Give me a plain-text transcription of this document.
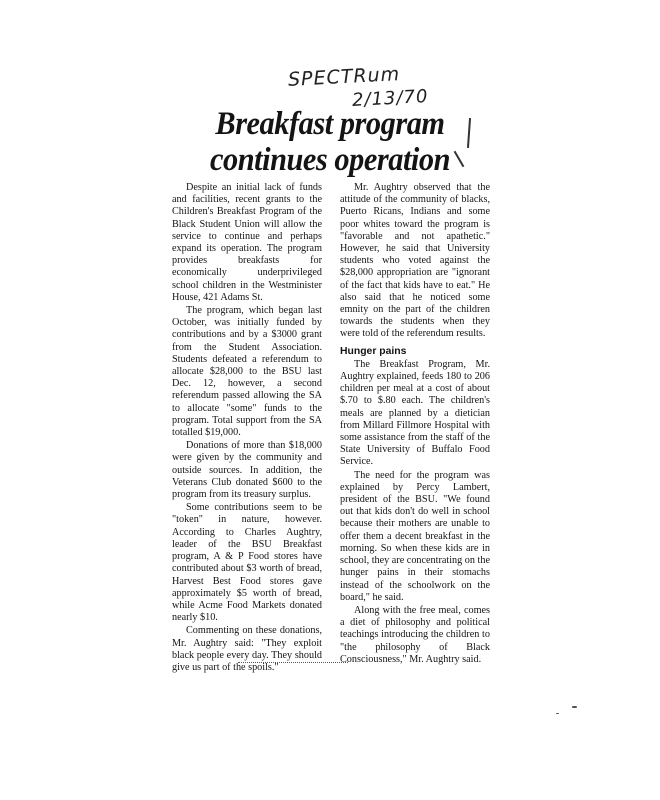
SPECTRum
2/13/70
Breakfast program
continues operation

Despite an initial lack of funds and facilities, recent grants to the Children's Breakfast Program of the Black Student Union will allow the service to continue and perhaps expand its operation. The program provides breakfasts for economically underprivileged school children in the Westminister House, 421 Adams St.

The program, which began last October, was initially funded by contributions and by a $3000 grant from the Student Association. Students defeated a referendum to allocate $28,000 to the BSU last Dec. 12, however, a second referendum passed allowing the SA to allocate "some" funds to the program. Total support from the SA totalled $19,000.

Donations of more than $18,000 were given by the community and outside sources. In addition, the Veterans Club donated $600 to the program from its treasury surplus.

Some contributions seem to be "token" in nature, however. According to Charles Aughtry, leader of the BSU Breakfast program, A & P Food stores have contributed about $3 worth of bread, Harvest Best Food stores gave approximately $5 worth of bread, while Acme Food Markets donated nearly $10.

Commenting on these donations, Mr. Aughtry said: "They exploit black people every day. They should give us part of the spoils."

Mr. Aughtry observed that the attitude of the community of blacks, Puerto Ricans, Indians and some poor whites toward the program is "favorable and not apathetic." However, he said that University students who voted against the $28,000 appropriation are "ignorant of the fact that kids have to eat." He also said that he noticed some emnity on the part of the children towards the students when they were told of the referendum results.

Hunger pains

The Breakfast Program, Mr. Aughtry explained, feeds 180 to 206 children per meal at a cost of about $.70 to $.80 each. The children's meals are planned by a dietician from Millard Fillmore Hospital with some assistance from the staff of the State University of Buffalo Food Service.

The need for the program was explained by Percy Lambert, president of the BSU. "We found out that kids don't do well in school because their mothers are unable to offer them a decent breakfast in the morning. So when these kids are in school, they are concentrating on the hunger pains in their stomachs instead of the schoolwork on the board," he said.

Along with the free meal, comes a diet of philosophy and political teachings introducing the children to "the philosophy of Black Consciousness," Mr. Aughtry said.
